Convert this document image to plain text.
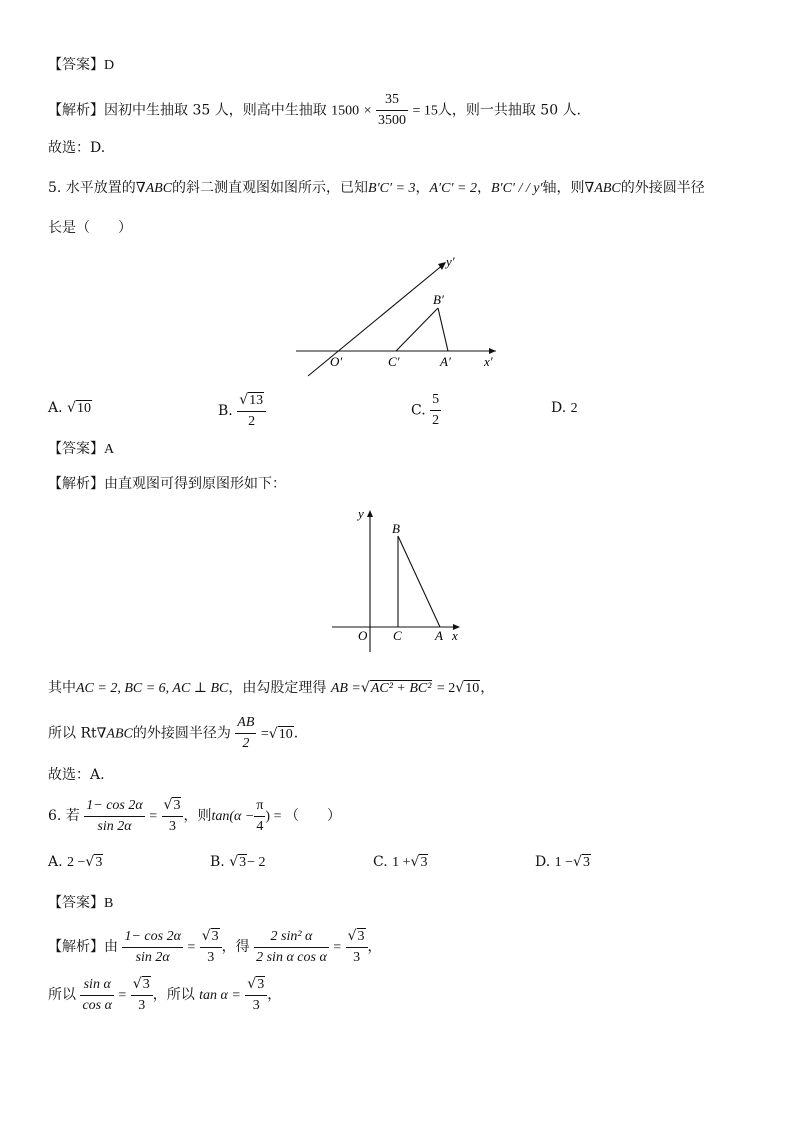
【答案】D
【解析】因初中生抽取 35 人，则高中生抽取 $1500 \times \frac{35}{3500} = 15$人，则一共抽取 50 人.
故选：D.
5. 水平放置的∇ABC的斜二测直观图如图所示，已知B′C′ = 3，A′C′ = 2，B′C′ / / y′轴，则∇ABC的外接圆半径
长是（　　）
y′
B′
O′	C′	A′	x′
A. √10	B. $\frac{√13}{2}$	C. $\frac{5}{2}$	D. 2
【答案】A
【解析】由直观图可得到原图形如下：
y
B
O C	A x
其中AC = 2, BC = 6, AC ⊥ BC，由勾股定理得 AB =√AC² + BC² = 2√10，
所以 Rt∇ABC的外接圆半径为 $\frac{AB}{2} =√10$.
故选：A.
6. 若 $\frac{1- \cos 2\alpha}{\sin 2\alpha} = \frac{√3}{3}$ ，则$\tan(\alpha - \frac{\pi}{4}$ ) = （　　）
A. 2 −√3	B. √3− 2	C. 1 +√3	D. 1 −√3
【答案】B
【解析】由 $\frac{1- \cos 2\alpha}{\sin 2\alpha} = \frac{√3}{3}$ ，得 $\frac{\text{2 sin² α}}{\text{2 sin α cos α}} = \frac{√3}{3}$ ，
所以 $\frac{\text{sin α}}{\text{cos α}} = \frac{√3}{3}$ ，所以 $\tan \alpha = \frac{√3}{3}$ ，
